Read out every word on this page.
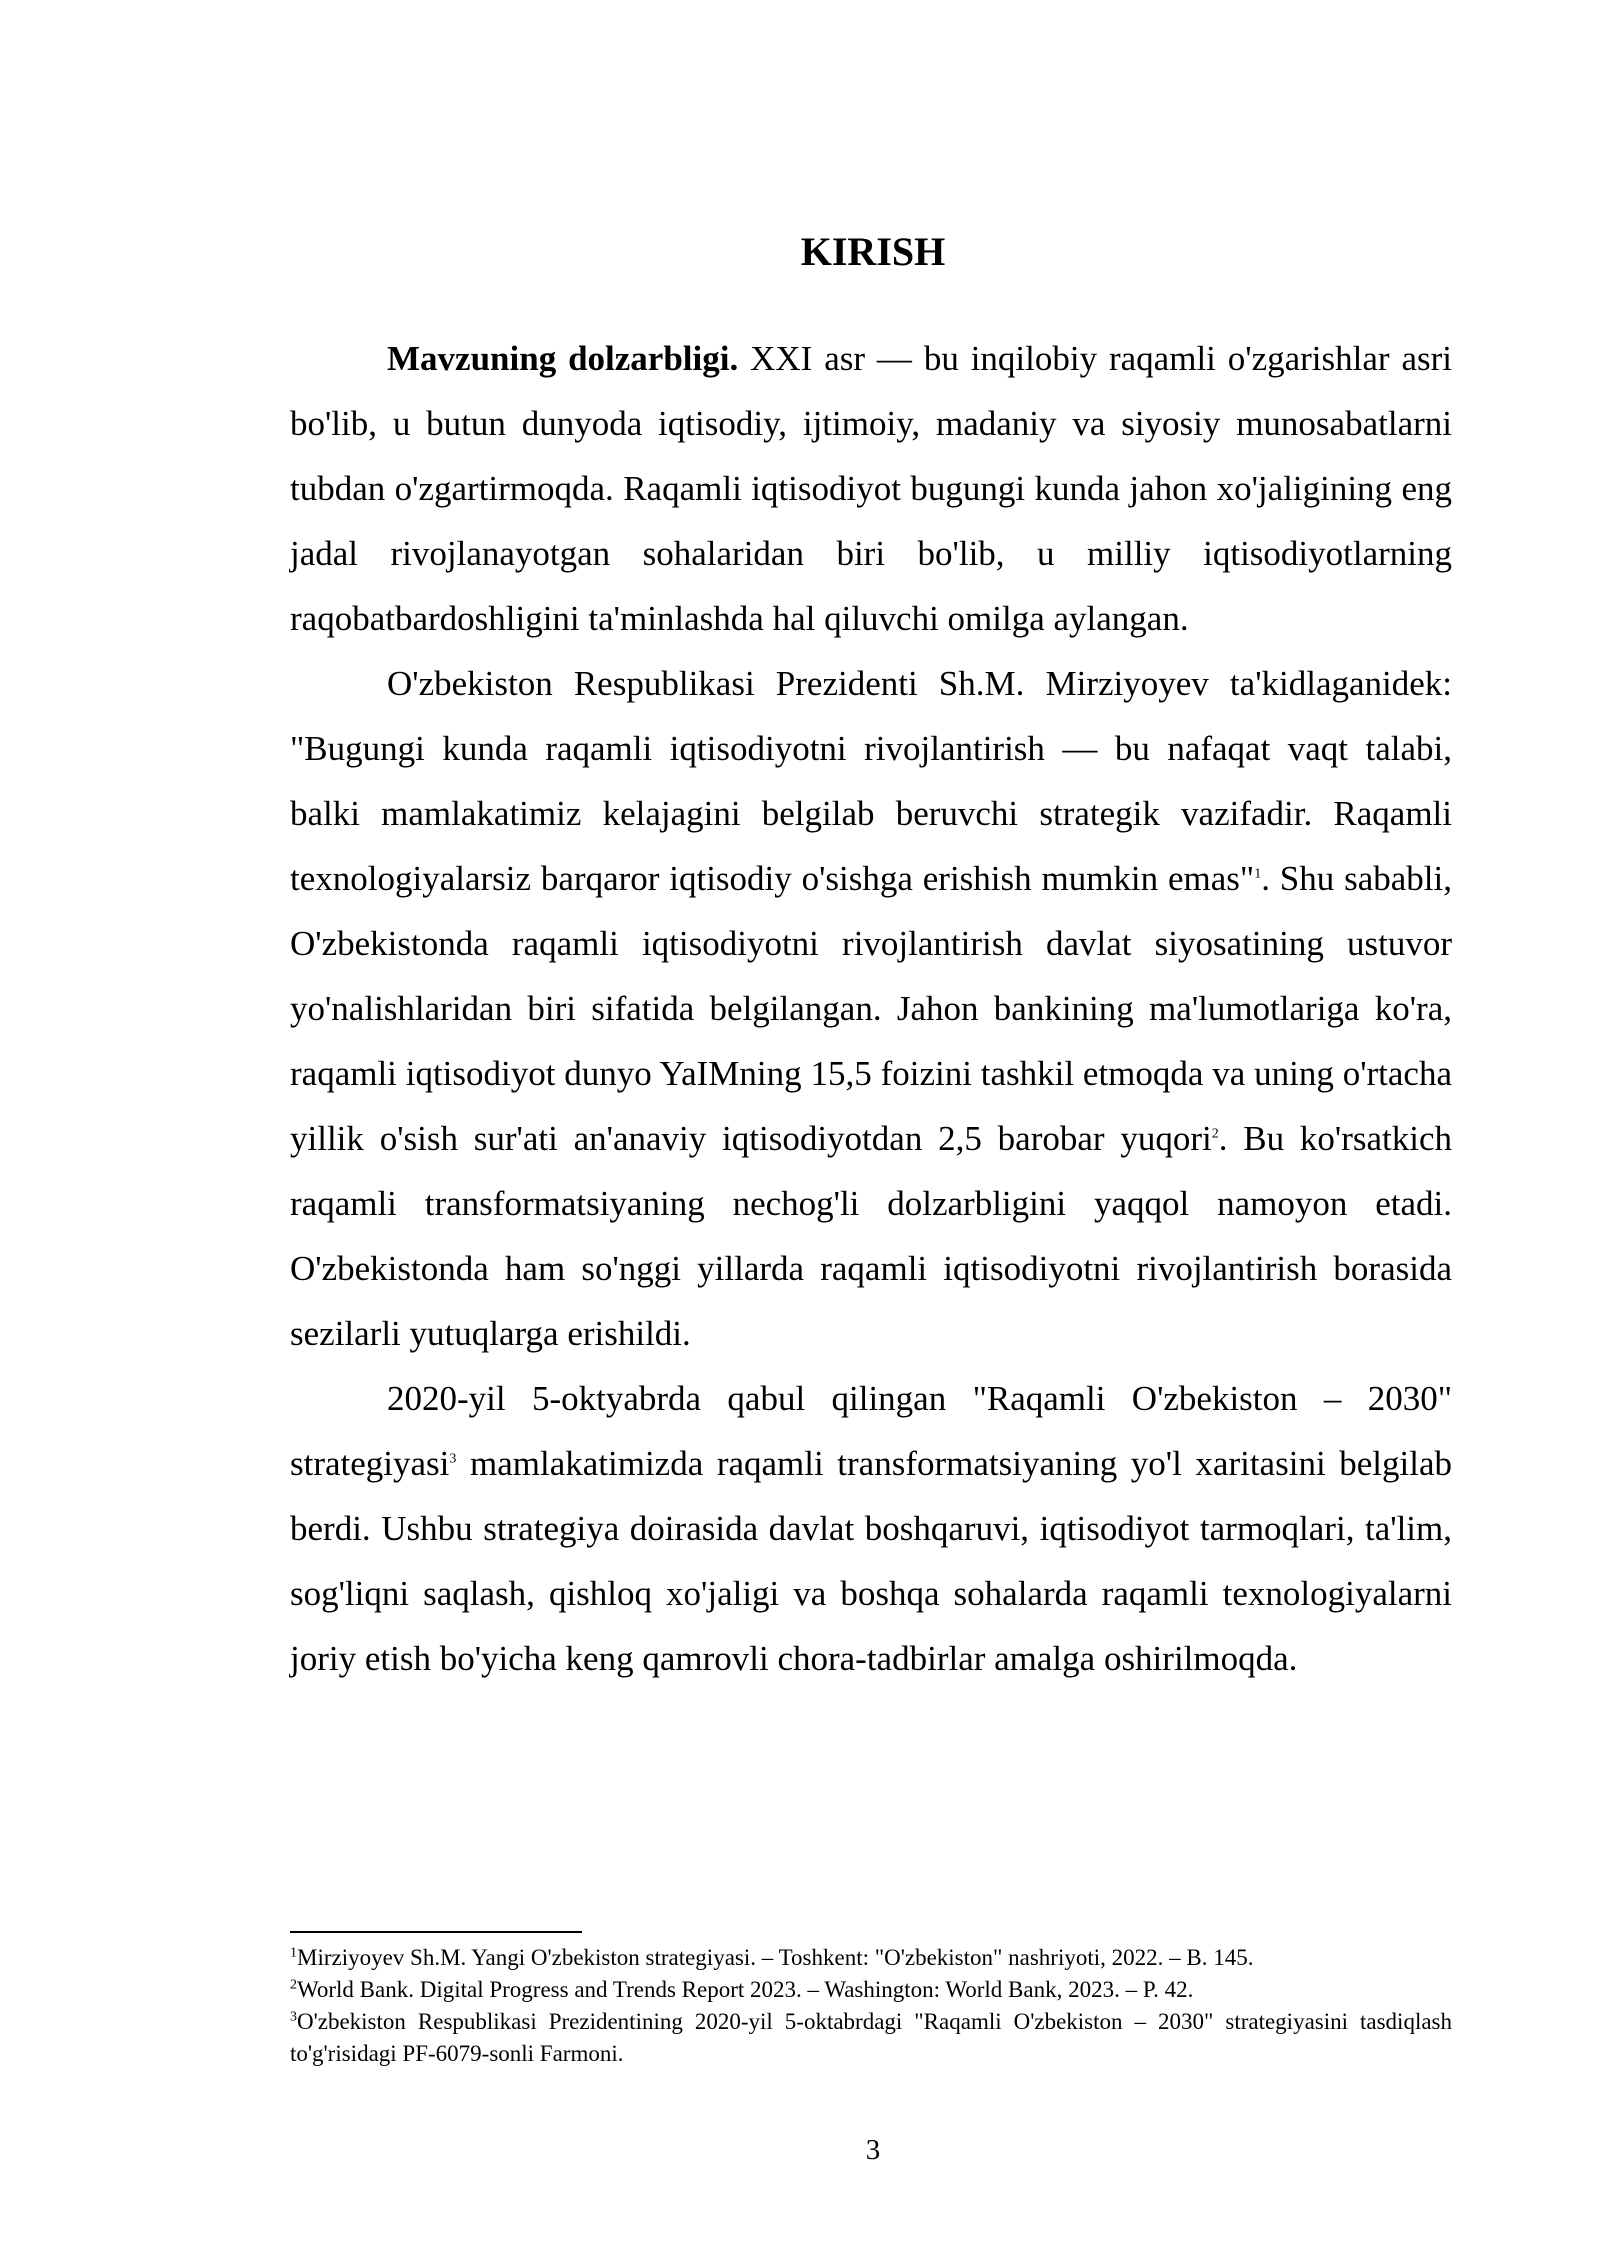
KIRISH

Mavzuning dolzarbligi. XXI asr — bu inqilobiy raqamli o'zgarishlar asri bo'lib, u butun dunyoda iqtisodiy, ijtimoiy, madaniy va siyosiy munosabatlarni tubdan o'zgartirmoqda. Raqamli iqtisodiyot bugungi kunda jahon xo'jaligining eng jadal rivojlanayotgan sohalaridan biri bo'lib, u milliy iqtisodiyotlarning raqobatbardoshligini ta'minlashda hal qiluvchi omilga aylangan.

O'zbekiston Respublikasi Prezidenti Sh.M. Mirziyoyev ta'kidlaganidek: "Bugungi kunda raqamli iqtisodiyotni rivojlantirish — bu nafaqat vaqt talabi, balki mamlakatimiz kelajagini belgilab beruvchi strategik vazifadir. Raqamli texnologiyalarsiz barqaror iqtisodiy o'sishga erishish mumkin emas"$^1$. Shu sababli, O'zbekistonda raqamli iqtisodiyotni rivojlantirish davlat siyosatining ustuvor yo'nalishlaridan biri sifatida belgilangan. Jahon bankining ma'lumotlariga ko'ra, raqamli iqtisodiyot dunyo YaIMning 15,5 foizini tashkil etmoqda va uning o'rtacha yillik o'sish sur'ati an'anaviy iqtisodiyotdan 2,5 barobar yuqori$^2$. Bu ko'rsatkich raqamli transformatsiyaning nechog'li dolzarbligini yaqqol namoyon etadi. O'zbekistonda ham so'nggi yillarda raqamli iqtisodiyotni rivojlantirish borasida sezilarli yutuqlarga erishildi.

2020-yil 5-oktyabrda qabul qilingan "Raqamli O'zbekiston – 2030" strategiyasi$^3$ mamlakatimizda raqamli transformatsiyaning yo'l xaritasini belgilab berdi. Ushbu strategiya doirasida davlat boshqaruvi, iqtisodiyot tarmoqlari, ta'lim, sog'liqni saqlash, qishloq xo'jaligi va boshqa sohalarda raqamli texnologiyalarni joriy etish bo'yicha keng qamrovli chora-tadbirlar amalga oshirilmoqda.

$^1$Mirziyoyev Sh.M. Yangi O'zbekiston strategiyasi. – Toshkent: "O'zbekiston" nashriyoti, 2022. – B. 145.

$^2$World Bank. Digital Progress and Trends Report 2023. – Washington: World Bank, 2023. – P. 42.

$^3$O'zbekiston Respublikasi Prezidentining 2020-yil 5-oktabrdagi "Raqamli O'zbekiston – 2030" strategiyasini tasdiqlash to'g'risidagi PF-6079-sonli Farmoni.

3
